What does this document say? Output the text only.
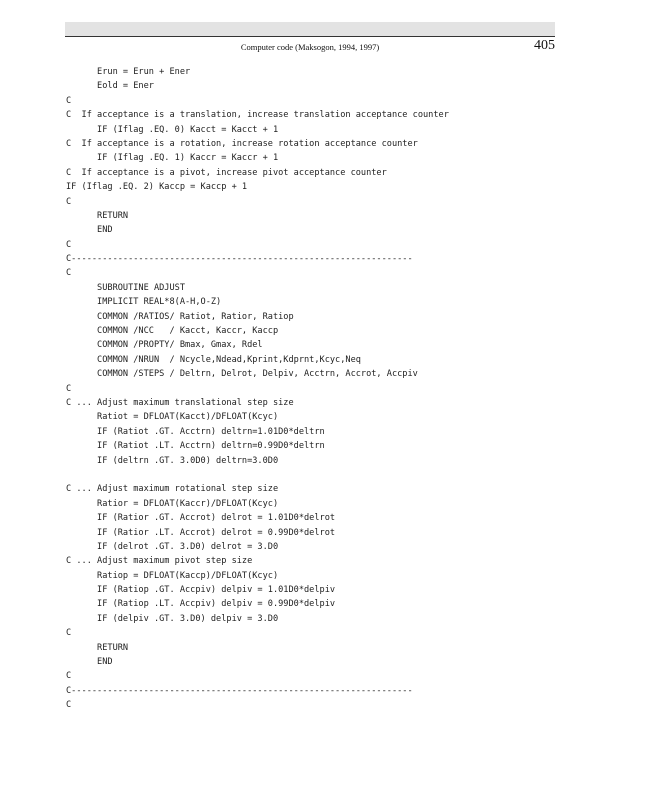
Computer code (Maksogon, 1994, 1997)	405
Erun = Erun + Ener
Eold = Ener
C
C  If acceptance is a translation, increase translation acceptance counter
IF (Iflag .EQ. 0) Kacct = Kacct + 1
C  If acceptance is a rotation, increase rotation acceptance counter
IF (Iflag .EQ. 1) Kaccr = Kaccr + 1
C  If acceptance is a pivot, increase pivot acceptance counter
IF (Iflag .EQ. 2) Kaccp = Kaccp + 1
C
RETURN
END
C
C------------------------------------------------------------------
C
SUBROUTINE ADJUST
IMPLICIT REAL*8(A-H,O-Z)
COMMON /RATIOS/ Ratiot, Ratior, Ratiop
COMMON /NCC   / Kacct, Kaccr, Kaccp
COMMON /PROPTY/ Bmax, Gmax, Rdel
COMMON /NRUN  / Ncycle,Ndead,Kprint,Kdprnt,Kcyc,Neq
COMMON /STEPS / Deltrn, Delrot, Delpiv, Acctrn, Accrot, Accpiv
C
C ... Adjust maximum translational step size
Ratiot = DFLOAT(Kacct)/DFLOAT(Kcyc)
IF (Ratiot .GT. Acctrn) deltrn=1.01D0*deltrn
IF (Ratiot .LT. Acctrn) deltrn=0.99D0*deltrn
IF (deltrn .GT. 3.0D0) deltrn=3.0D0
C ... Adjust maximum rotational step size
Ratior = DFLOAT(Kaccr)/DFLOAT(Kcyc)
IF (Ratior .GT. Accrot) delrot = 1.01D0*delrot
IF (Ratior .LT. Accrot) delrot = 0.99D0*delrot
IF (delrot .GT. 3.D0) delrot = 3.D0
C ... Adjust maximum pivot step size
Ratiop = DFLOAT(Kaccp)/DFLOAT(Kcyc)
IF (Ratiop .GT. Accpiv) delpiv = 1.01D0*delpiv
IF (Ratiop .LT. Accpiv) delpiv = 0.99D0*delpiv
IF (delpiv .GT. 3.D0) delpiv = 3.D0
C
RETURN
END
C
C------------------------------------------------------------------
C
